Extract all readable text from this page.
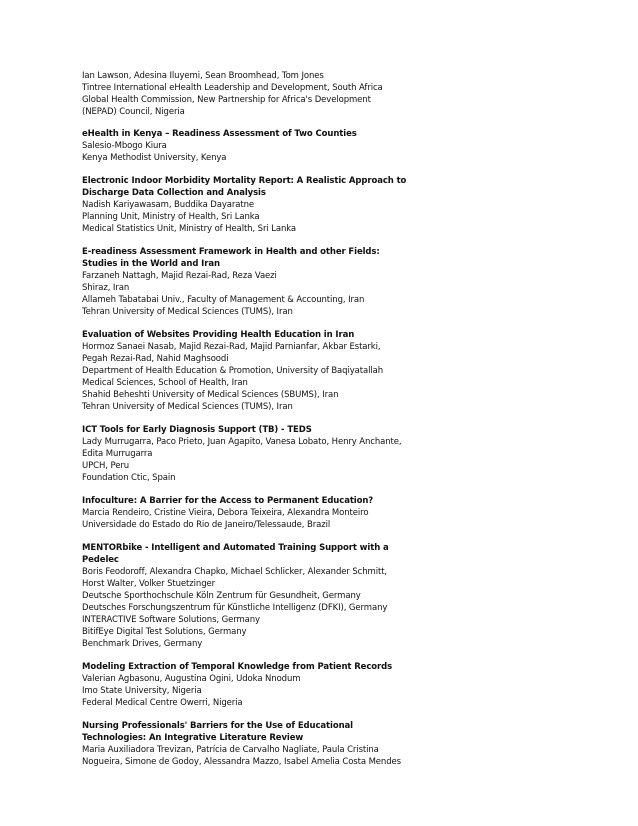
Ian Lawson, Adesina Iluyemi, Sean Broomhead, Tom Jones
Tintree International eHealth Leadership and Development, South Africa
Global Health Commission, New Partnership for Africa's Development
(NEPAD) Council, Nigeria
eHealth in Kenya – Readiness Assessment of Two Counties
Salesio-Mbogo Kiura
Kenya Methodist University, Kenya
Electronic Indoor Morbidity Mortality Report: A Realistic Approach to
Discharge Data Collection and Analysis
Nadish Kariyawasam, Buddika Dayaratne
Planning Unit, Ministry of Health, Sri Lanka
Medical Statistics Unit, Ministry of Health, Sri Lanka
E-readiness Assessment Framework in Health and other Fields:
Studies in the World and Iran
Farzaneh Nattagh, Majid Rezai-Rad, Reza Vaezi
Shiraz, Iran
Allameh Tabatabai Univ., Faculty of Management & Accounting, Iran
Tehran University of Medical Sciences (TUMS), Iran
Evaluation of Websites Providing Health Education in Iran
Hormoz Sanaei Nasab, Majid Rezai-Rad, Majid Parnianfar, Akbar Estarki,
Pegah Rezai-Rad, Nahid Maghsoodi
Department of Health Education & Promotion, University of Baqiyatallah
Medical Sciences, School of Health, Iran
Shahid Beheshti University of Medical Sciences (SBUMS), Iran
Tehran University of Medical Sciences (TUMS), Iran
ICT Tools for Early Diagnosis Support (TB) - TEDS
Lady Murrugarra, Paco Prieto, Juan Agapito, Vanesa Lobato, Henry Anchante,
Edita Murrugarra
UPCH, Peru
Foundation Ctic, Spain
Infoculture: A Barrier for the Access to Permanent Education?
Marcia Rendeiro, Cristine Vieira, Debora Teixeira, Alexandra Monteiro
Universidade do Estado do Rio de Janeiro/Telessaude, Brazil
MENTORbike - Intelligent and Automated Training Support with a
Pedelec
Boris Feodoroff, Alexandra Chapko, Michael Schlicker, Alexander Schmitt,
Horst Walter, Volker Stuetzinger
Deutsche Sporthochschule Köln Zentrum für Gesundheit, Germany
Deutsches Forschungszentrum für Künstliche Intelligenz (DFKI), Germany
INTERACTIVE Software Solutions, Germany
BitifEye Digital Test Solutions, Germany
Benchmark Drives, Germany
Modeling Extraction of Temporal Knowledge from Patient Records
Valerian Agbasonu, Augustina Ogini, Udoka Nnodum
Imo State University, Nigeria
Federal Medical Centre Owerri, Nigeria
Nursing Professionals' Barriers for the Use of Educational
Technologies: An Integrative Literature Review
Maria Auxiliadora Trevizan, Patrícia de Carvalho Nagliate, Paula Cristina
Nogueira, Simone de Godoy, Alessandra Mazzo, Isabel Amelia Costa Mendes
